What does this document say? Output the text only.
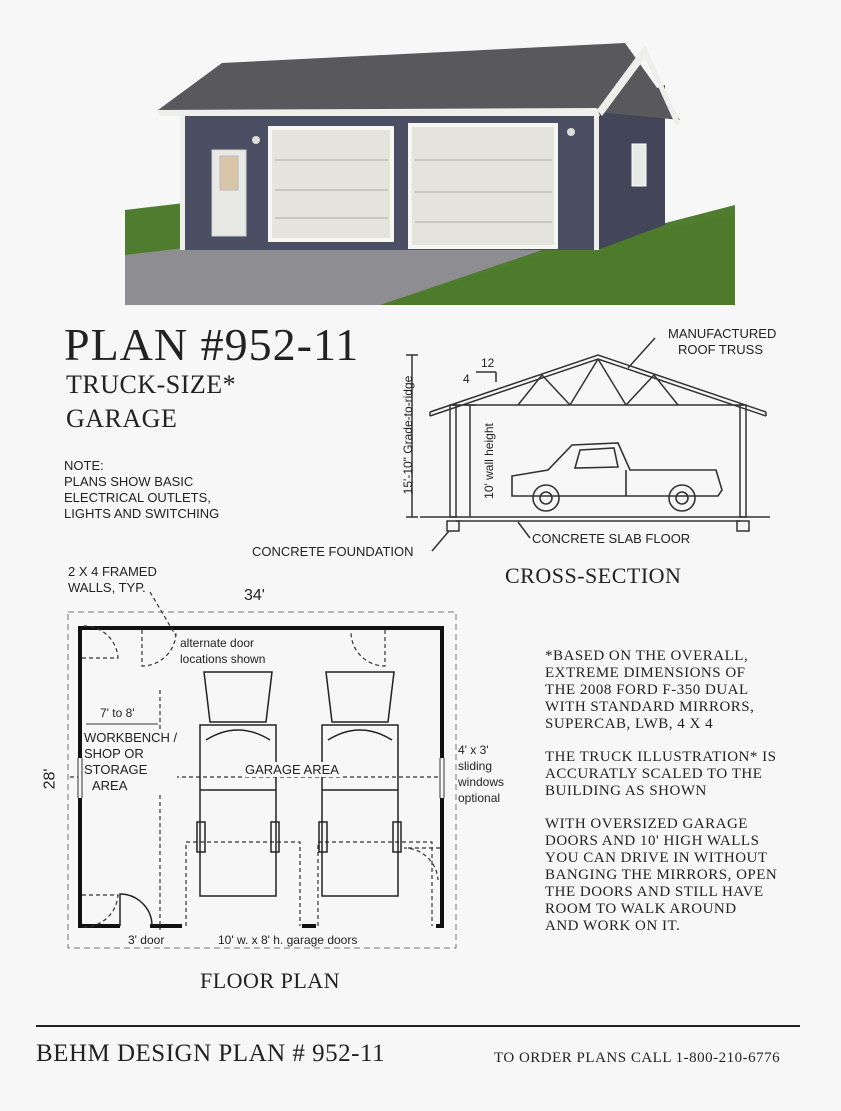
PLAN #952-11
TRUCK-SIZE*
GARAGE
NOTE:
PLANS SHOW BASIC
ELECTRICAL OUTLETS,
LIGHTS AND SWITCHING
MANUFACTURED
ROOF TRUSS
12
4
15'-10" Grade-to-ridge	10' wall height
CONCRETE FOUNDATION
CONCRETE SLAB FLOOR
CROSS-SECTION
2 X 4 FRAMED
WALLS, TYP.	34'
28'
alternate door
locations shown
7' to 8'
WORKBENCH /
SHOP OR
STORAGE
AREA
GARAGE AREA
4' x 3'
sliding
windows
optional
3' door	10' w. x 8' h. garage doors
FLOOR PLAN
*BASED ON THE OVERALL,
EXTREME DIMENSIONS OF
THE 2008 FORD F-350 DUAL
WITH STANDARD MIRRORS,
SUPERCAB, LWB, 4 X 4
THE TRUCK ILLUSTRATION* IS
ACCURATLY SCALED TO THE
BUILDING AS SHOWN
WITH OVERSIZED GARAGE
DOORS AND 10' HIGH WALLS
YOU CAN DRIVE IN WITHOUT
BANGING THE MIRRORS, OPEN
THE DOORS AND STILL HAVE
ROOM TO WALK AROUND
AND WORK ON IT.
BEHM DESIGN PLAN # 952-11	TO ORDER PLANS CALL 1-800-210-6776
